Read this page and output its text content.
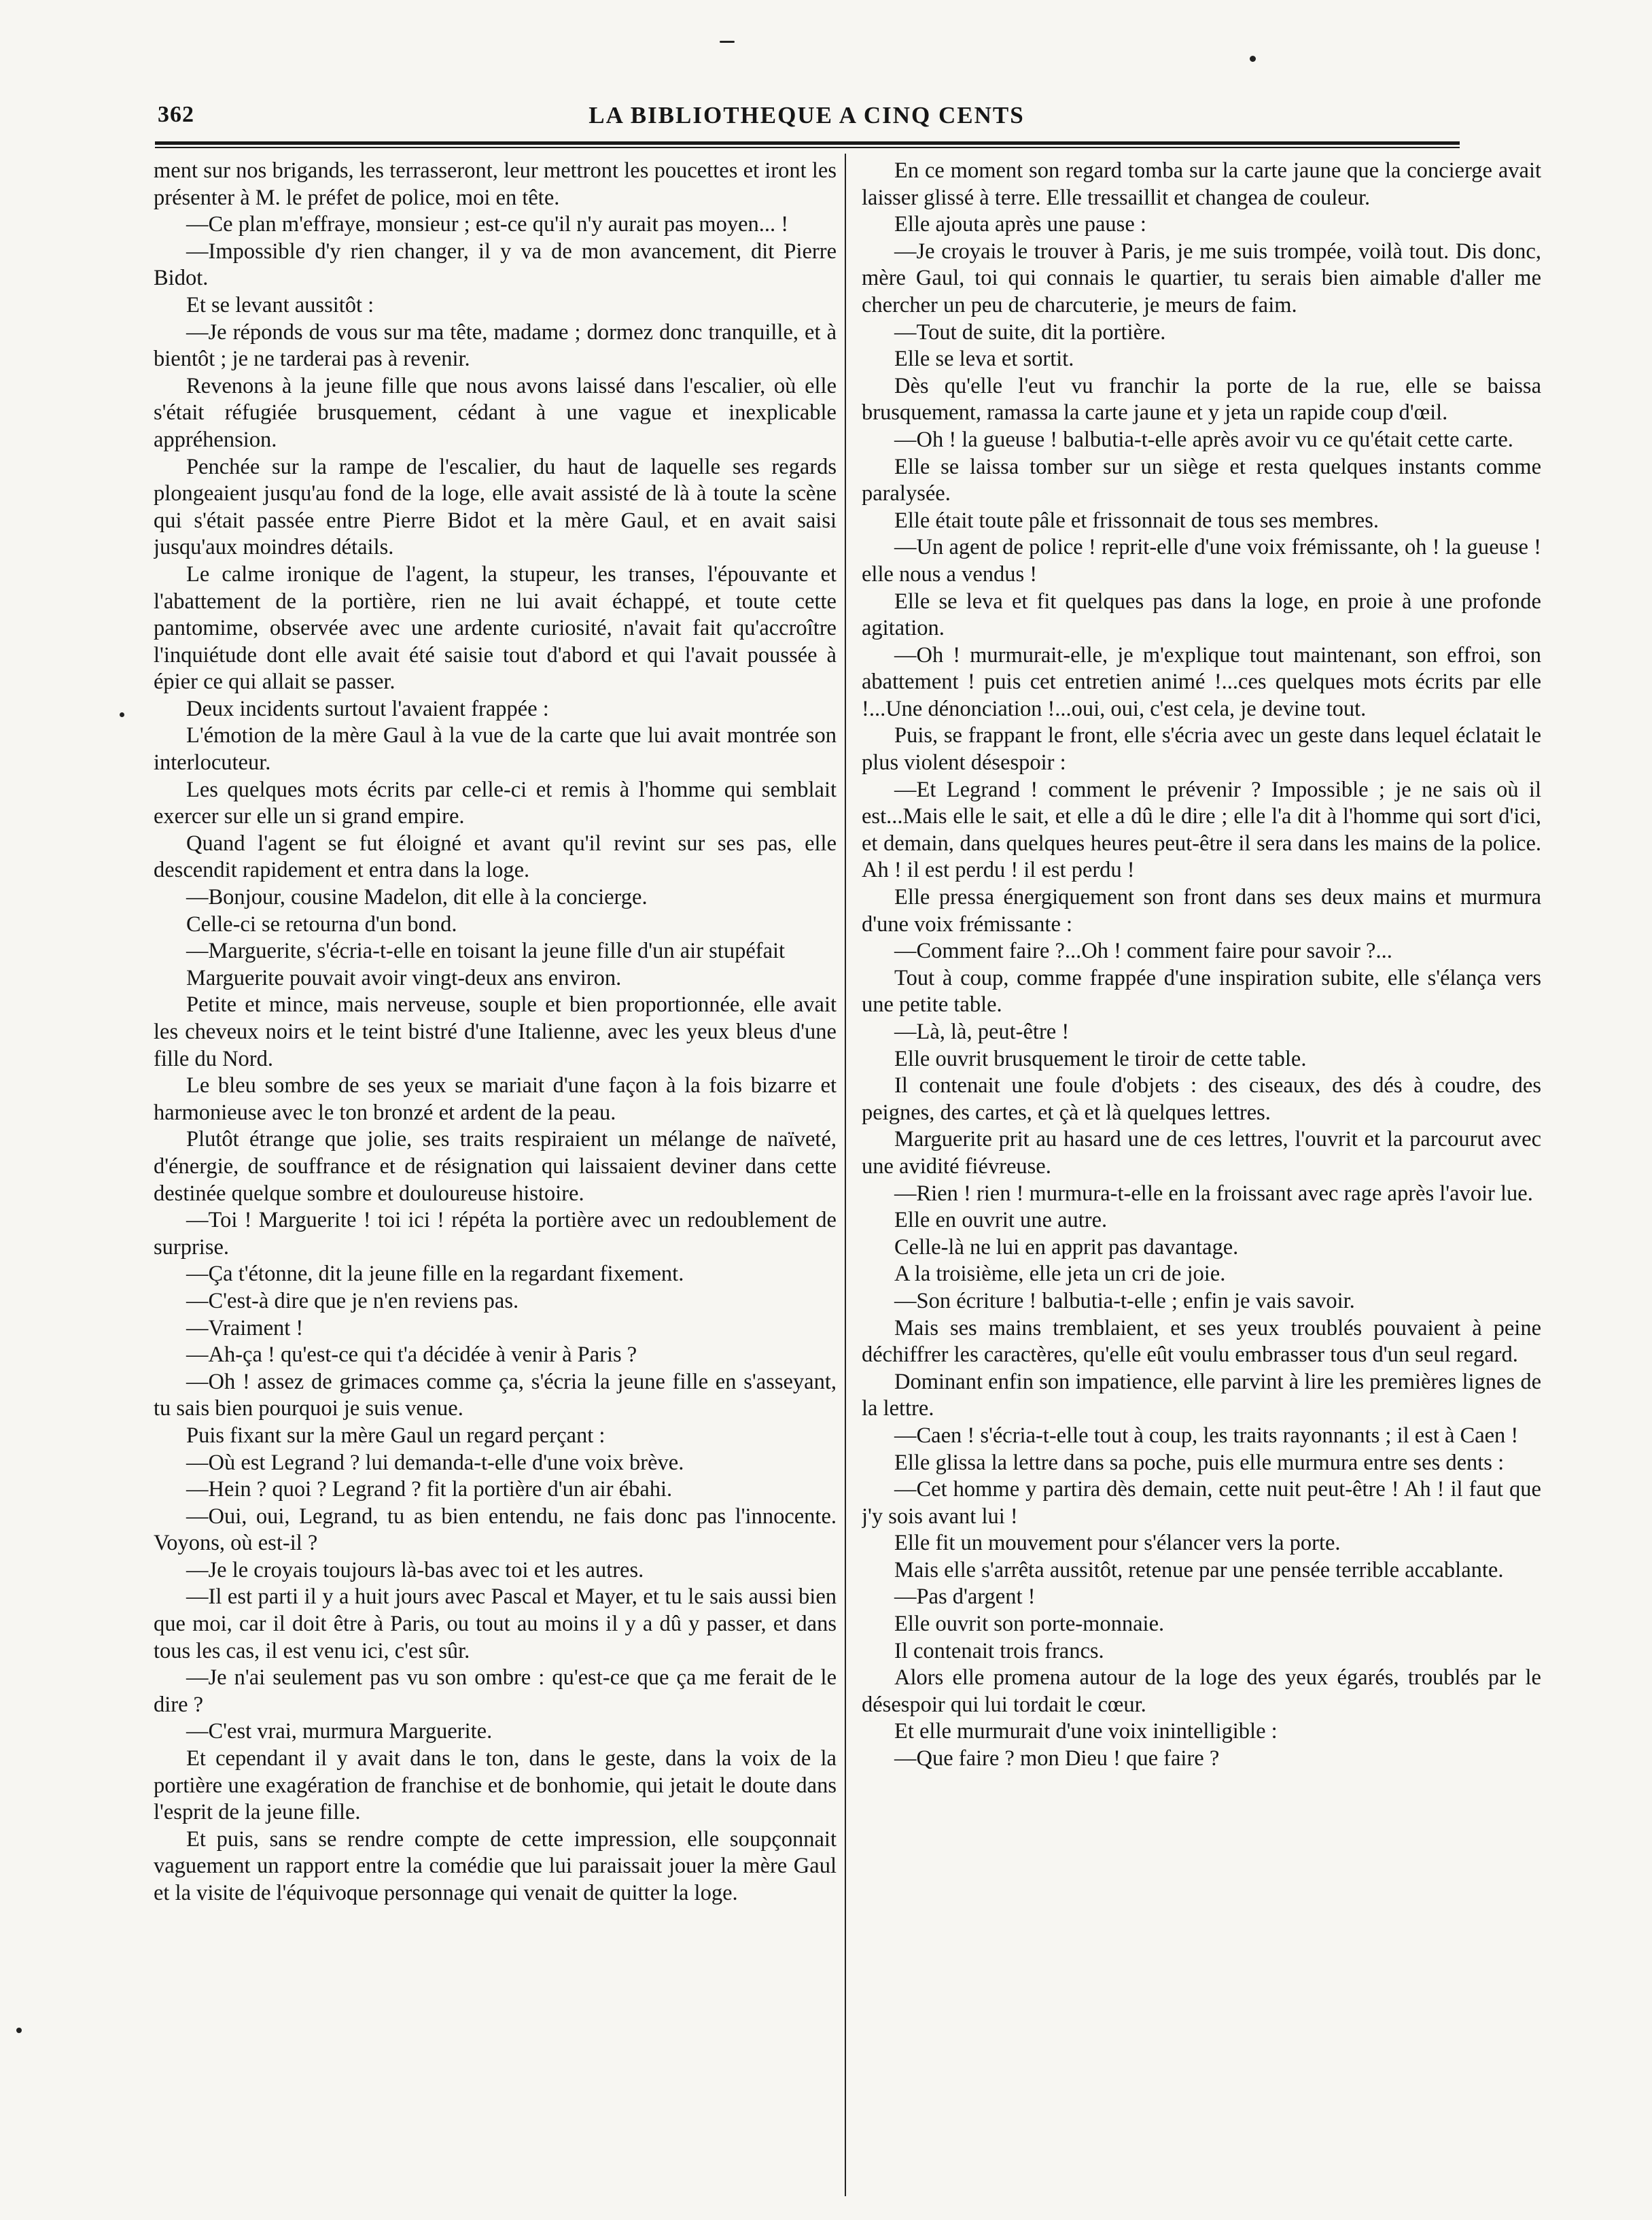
362	LA BIBLIOTHEQUE A CINQ CENTS

ment sur nos brigands, les terrasseront, leur mettront les poucettes et iront les présenter à M. le préfet de police, moi en tête.

—Ce plan m'effraye, monsieur ; est-ce qu'il n'y aurait pas moyen... !

—Impossible d'y rien changer, il y va de mon avancement, dit Pierre Bidot.

Et se levant aussitôt :

—Je réponds de vous sur ma tête, madame ; dormez donc tranquille, et à bientôt ; je ne tarderai pas à revenir.

Revenons à la jeune fille que nous avons laissé dans l'escalier, où elle s'était réfugiée brusquement, cédant à une vague et inexplicable appréhension.

Penchée sur la rampe de l'escalier, du haut de laquelle ses regards plongeaient jusqu'au fond de la loge, elle avait assisté de là à toute la scène qui s'était passée entre Pierre Bidot et la mère Gaul, et en avait saisi jusqu'aux moindres détails.

Le calme ironique de l'agent, la stupeur, les transes, l'épouvante et l'abattement de la portière, rien ne lui avait échappé, et toute cette pantomime, observée avec une ardente curiosité, n'avait fait qu'accroître l'inquiétude dont elle avait été saisie tout d'abord et qui l'avait poussée à épier ce qui allait se passer.

Deux incidents surtout l'avaient frappée :

L'émotion de la mère Gaul à la vue de la carte que lui avait montrée son interlocuteur.

Les quelques mots écrits par celle-ci et remis à l'homme qui semblait exercer sur elle un si grand empire.

Quand l'agent se fut éloigné et avant qu'il revint sur ses pas, elle descendit rapidement et entra dans la loge.

—Bonjour, cousine Madelon, dit elle à la concierge.

Celle-ci se retourna d'un bond.

—Marguerite, s'écria-t-elle en toisant la jeune fille d'un air stupéfait

Marguerite pouvait avoir vingt-deux ans environ.

Petite et mince, mais nerveuse, souple et bien proportionnée, elle avait les cheveux noirs et le teint bistré d'une Italienne, avec les yeux bleus d'une fille du Nord.

Le bleu sombre de ses yeux se mariait d'une façon à la fois bizarre et harmonieuse avec le ton bronzé et ardent de la peau.

Plutôt étrange que jolie, ses traits respiraient un mélange de naïveté, d'énergie, de souffrance et de résignation qui laissaient deviner dans cette destinée quelque sombre et douloureuse histoire.

—Toi ! Marguerite ! toi ici ! répéta la portière avec un redoublement de surprise.

—Ça t'étonne, dit la jeune fille en la regardant fixement.

—C'est-à dire que je n'en reviens pas.

—Vraiment !

—Ah-ça ! qu'est-ce qui t'a décidée à venir à Paris ?

—Oh ! assez de grimaces comme ça, s'écria la jeune fille en s'asseyant, tu sais bien pourquoi je suis venue.

Puis fixant sur la mère Gaul un regard perçant :

—Où est Legrand ? lui demanda-t-elle d'une voix brève.

—Hein ? quoi ? Legrand ? fit la portière d'un air ébahi.

—Oui, oui, Legrand, tu as bien entendu, ne fais donc pas l'innocente. Voyons, où est-il ?

—Je le croyais toujours là-bas avec toi et les autres.

—Il est parti il y a huit jours avec Pascal et Mayer, et tu le sais aussi bien que moi, car il doit être à Paris, ou tout au moins il y a dû y passer, et dans tous les cas, il est venu ici, c'est sûr.

—Je n'ai seulement pas vu son ombre : qu'est-ce que ça me ferait de le dire ?

—C'est vrai, murmura Marguerite.

Et cependant il y avait dans le ton, dans le geste, dans la voix de la portière une exagération de franchise et de bonhomie, qui jetait le doute dans l'esprit de la jeune fille.

Et puis, sans se rendre compte de cette impression, elle soupçonnait vaguement un rapport entre la comédie que lui paraissait jouer la mère Gaul et la visite de l'équivoque personnage qui venait de quitter la loge.

En ce moment son regard tomba sur la carte jaune que la concierge avait laisser glissé à terre. Elle tressaillit et changea de couleur.

Elle ajouta après une pause :

—Je croyais le trouver à Paris, je me suis trompée, voilà tout. Dis donc, mère Gaul, toi qui connais le quartier, tu serais bien aimable d'aller me chercher un peu de charcuterie, je meurs de faim.

—Tout de suite, dit la portière.

Elle se leva et sortit.

Dès qu'elle l'eut vu franchir la porte de la rue, elle se baissa brusquement, ramassa la carte jaune et y jeta un rapide coup d'œil.

—Oh ! la gueuse ! balbutia-t-elle après avoir vu ce qu'était cette carte.

Elle se laissa tomber sur un siège et resta quelques instants comme paralysée.

Elle était toute pâle et frissonnait de tous ses membres.

—Un agent de police ! reprit-elle d'une voix frémissante, oh ! la gueuse ! elle nous a vendus !

Elle se leva et fit quelques pas dans la loge, en proie à une profonde agitation.

—Oh ! murmurait-elle, je m'explique tout maintenant, son effroi, son abattement ! puis cet entretien animé !...ces quelques mots écrits par elle !...Une dénonciation !...oui, oui, c'est cela, je devine tout.

Puis, se frappant le front, elle s'écria avec un geste dans lequel éclatait le plus violent désespoir :

—Et Legrand ! comment le prévenir ? Impossible ; je ne sais où il est...Mais elle le sait, et elle a dû le dire ; elle l'a dit à l'homme qui sort d'ici, et demain, dans quelques heures peut-être il sera dans les mains de la police. Ah ! il est perdu ! il est perdu !

Elle pressa énergiquement son front dans ses deux mains et murmura d'une voix frémissante :

—Comment faire ?...Oh ! comment faire pour savoir ?...

Tout à coup, comme frappée d'une inspiration subite, elle s'élança vers une petite table.

—Là, là, peut-être !

Elle ouvrit brusquement le tiroir de cette table.

Il contenait une foule d'objets : des ciseaux, des dés à coudre, des peignes, des cartes, et çà et là quelques lettres.

Marguerite prit au hasard une de ces lettres, l'ouvrit et la parcourut avec une avidité fiévreuse.

—Rien ! rien ! murmura-t-elle en la froissant avec rage après l'avoir lue.

Elle en ouvrit une autre.

Celle-là ne lui en apprit pas davantage.

A la troisième, elle jeta un cri de joie.

—Son écriture ! balbutia-t-elle ; enfin je vais savoir.

Mais ses mains tremblaient, et ses yeux troublés pouvaient à peine déchiffrer les caractères, qu'elle eût voulu embrasser tous d'un seul regard.

Dominant enfin son impatience, elle parvint à lire les premières lignes de la lettre.

—Caen ! s'écria-t-elle tout à coup, les traits rayonnants ; il est à Caen !

Elle glissa la lettre dans sa poche, puis elle murmura entre ses dents :

—Cet homme y partira dès demain, cette nuit peut-être ! Ah ! il faut que j'y sois avant lui !

Elle fit un mouvement pour s'élancer vers la porte.

Mais elle s'arrêta aussitôt, retenue par une pensée terrible accablante.

—Pas d'argent !

Elle ouvrit son porte-monnaie.

Il contenait trois francs.

Alors elle promena autour de la loge des yeux égarés, troublés par le désespoir qui lui tordait le cœur.

Et elle murmurait d'une voix inintelligible :

—Que faire ? mon Dieu ! que faire ?
